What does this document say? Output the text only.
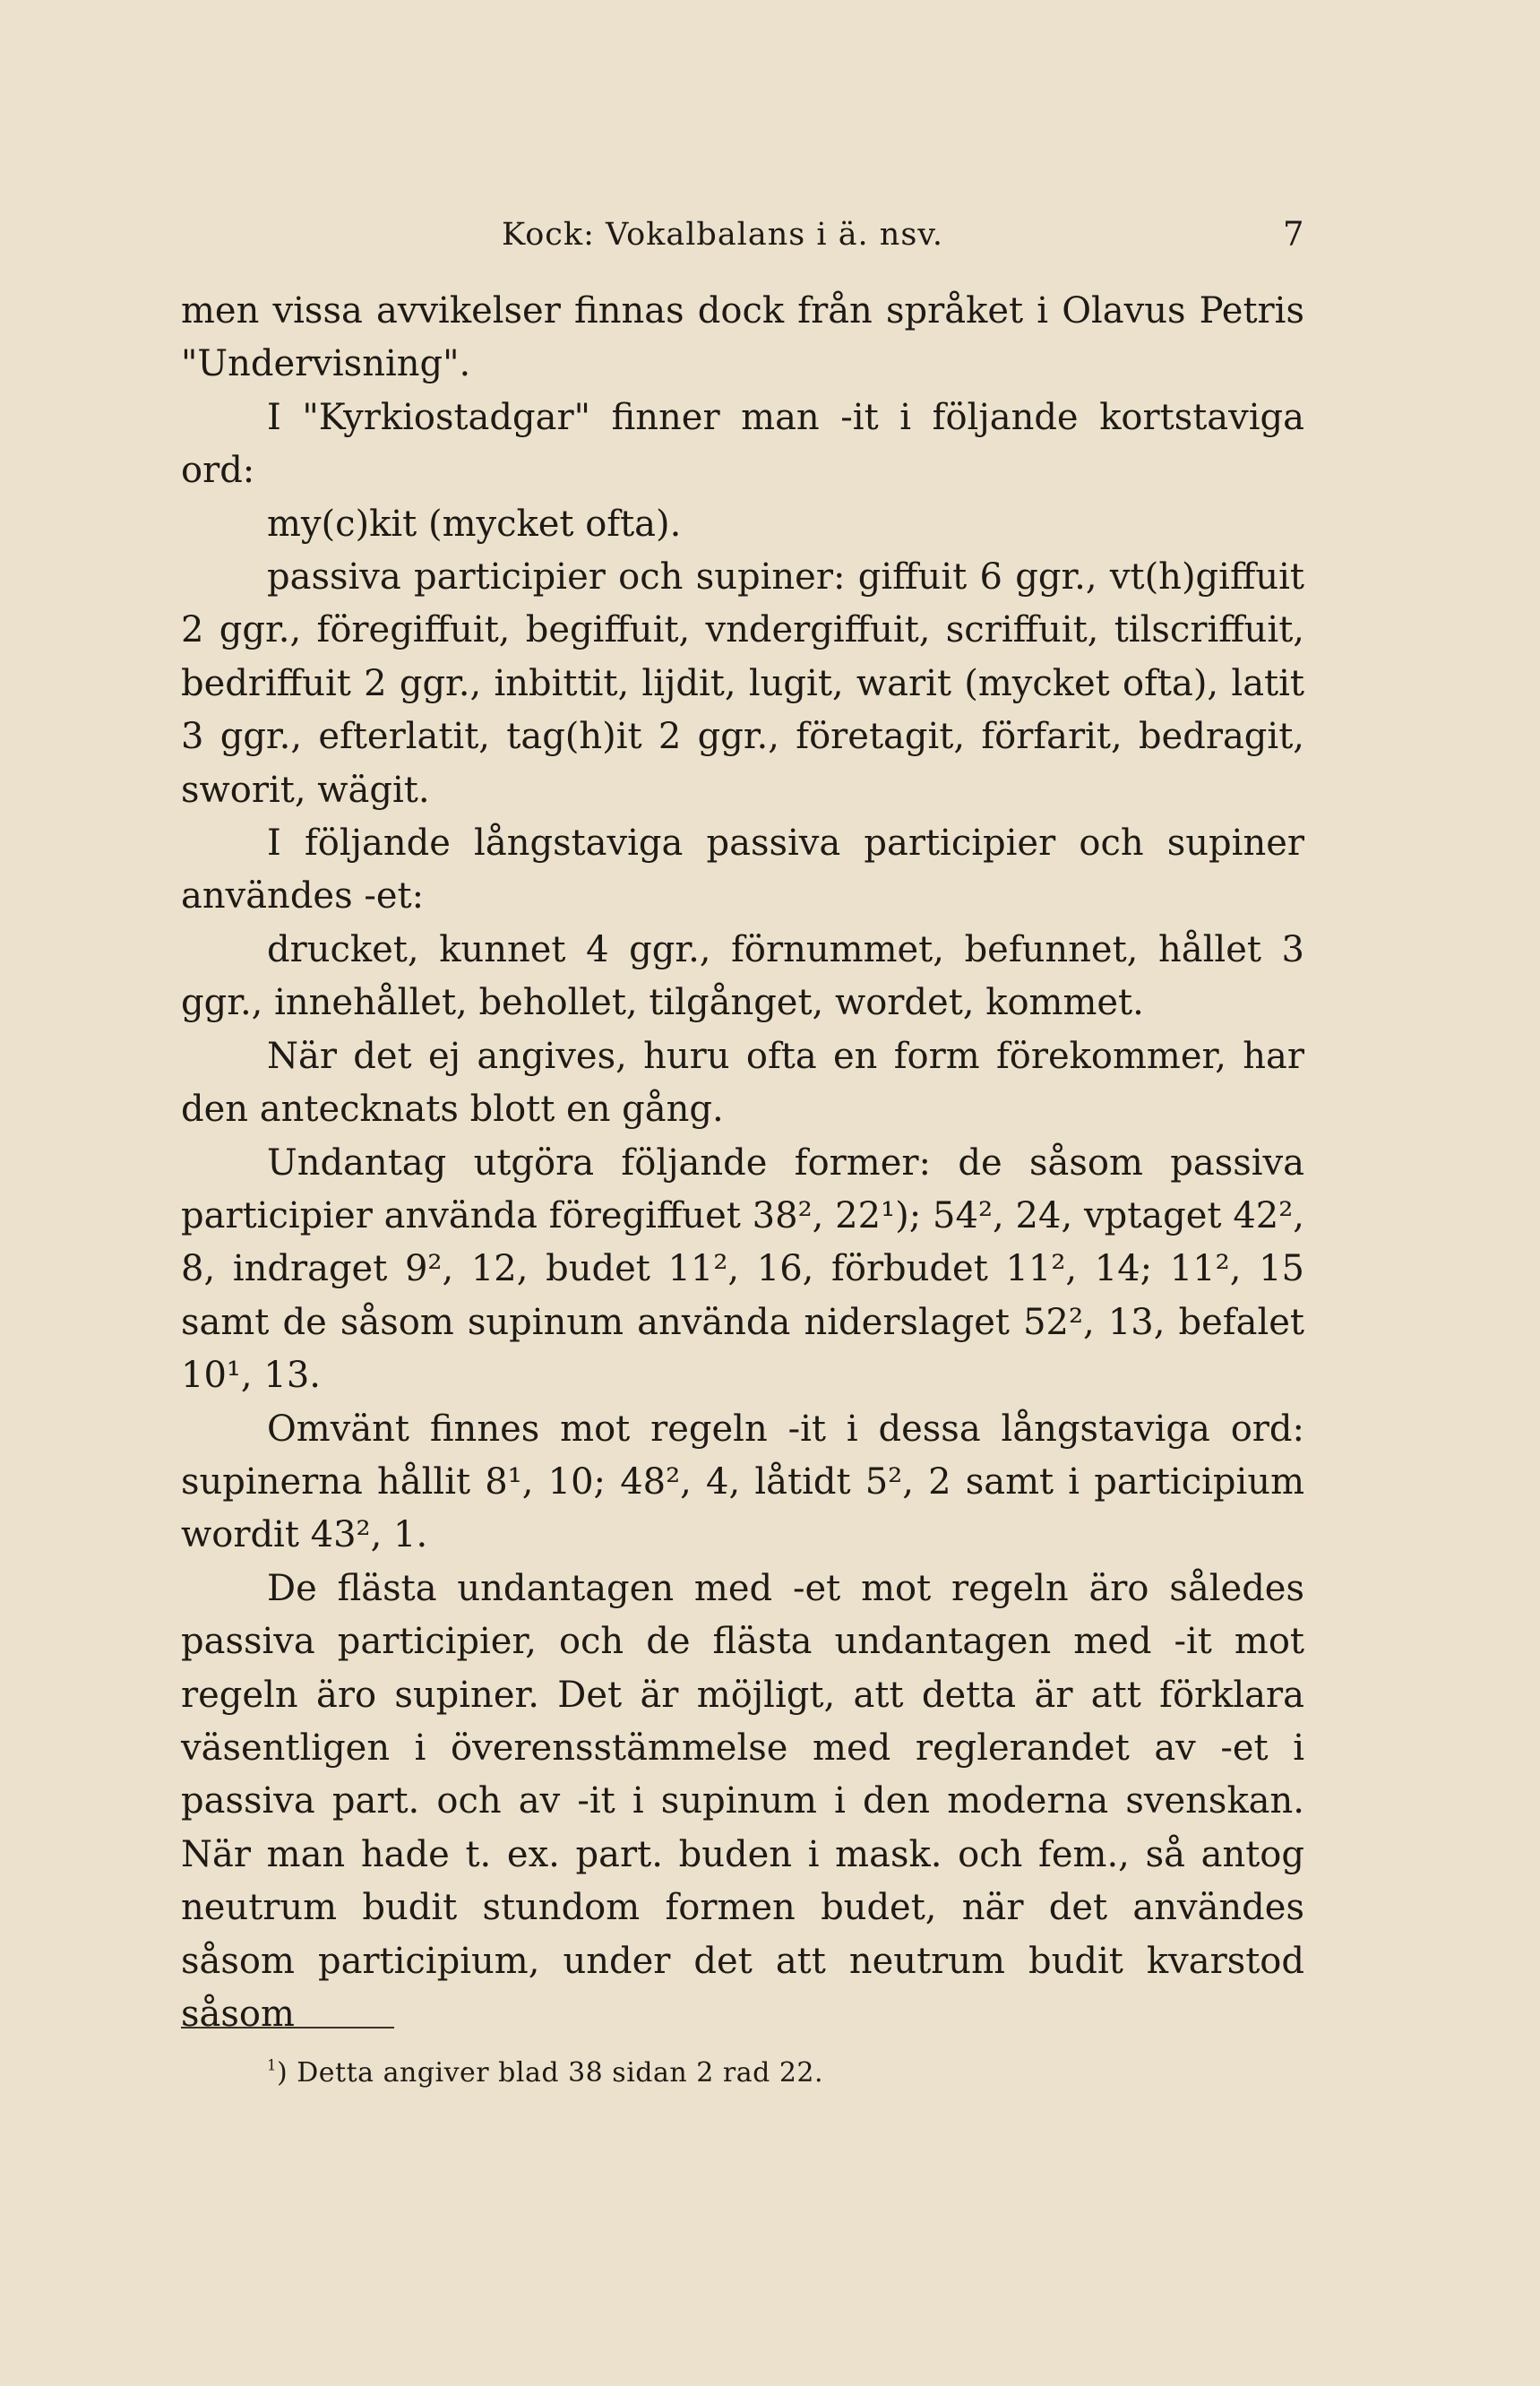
Kock: Vokalbalans i ä. nsv.	7

men vissa avvikelser finnas dock från språket i Olavus Petris "Undervisning".

I "Kyrkiostadgar" finner man -it i följande kortstaviga ord:

my(c)kit (mycket ofta).

passiva participier och supiner: giffuit 6 ggr., vt(h)giffuit 2 ggr., föregiffuit, begiffuit, vndergiffuit, scriffuit, tilscriffuit, bedriffuit 2 ggr., inbittit, lijdit, lugit, warit (mycket ofta), latit 3 ggr., efterlatit, tag(h)it 2 ggr., företagit, förfarit, bedragit, sworit, wägit.

I följande långstaviga passiva participier och supiner användes -et:

drucket, kunnet 4 ggr., förnummet, befunnet, hållet 3 ggr., innehållet, behollet, tilgånget, wordet, kommet.

När det ej angives, huru ofta en form förekommer, har den antecknats blott en gång.

Undantag utgöra följande former: de såsom passiva participier använda föregiffuet 38², 22¹); 54², 24, vptaget 42², 8, indraget 9², 12, budet 11², 16, förbudet 11², 14; 11², 15 samt de såsom supinum använda niderslaget 52², 13, befalet 10¹, 13.

Omvänt finnes mot regeln -it i dessa långstaviga ord: supinerna hållit 8¹, 10; 48², 4, låtidt 5², 2 samt i participium wordit 43², 1.

De flästa undantagen med -et mot regeln äro således passiva participier, och de flästa undantagen med -it mot regeln äro supiner. Det är möjligt, att detta är att förklara väsentligen i överensstämmelse med reglerandet av -et i passiva part. och av -it i supinum i den moderna svenskan. När man hade t. ex. part. buden i mask. och fem., så antog neutrum budit stundom formen budet, när det användes såsom participium, under det att neutrum budit kvarstod såsom

$^1$) Detta angiver blad 38 sidan 2 rad 22.
